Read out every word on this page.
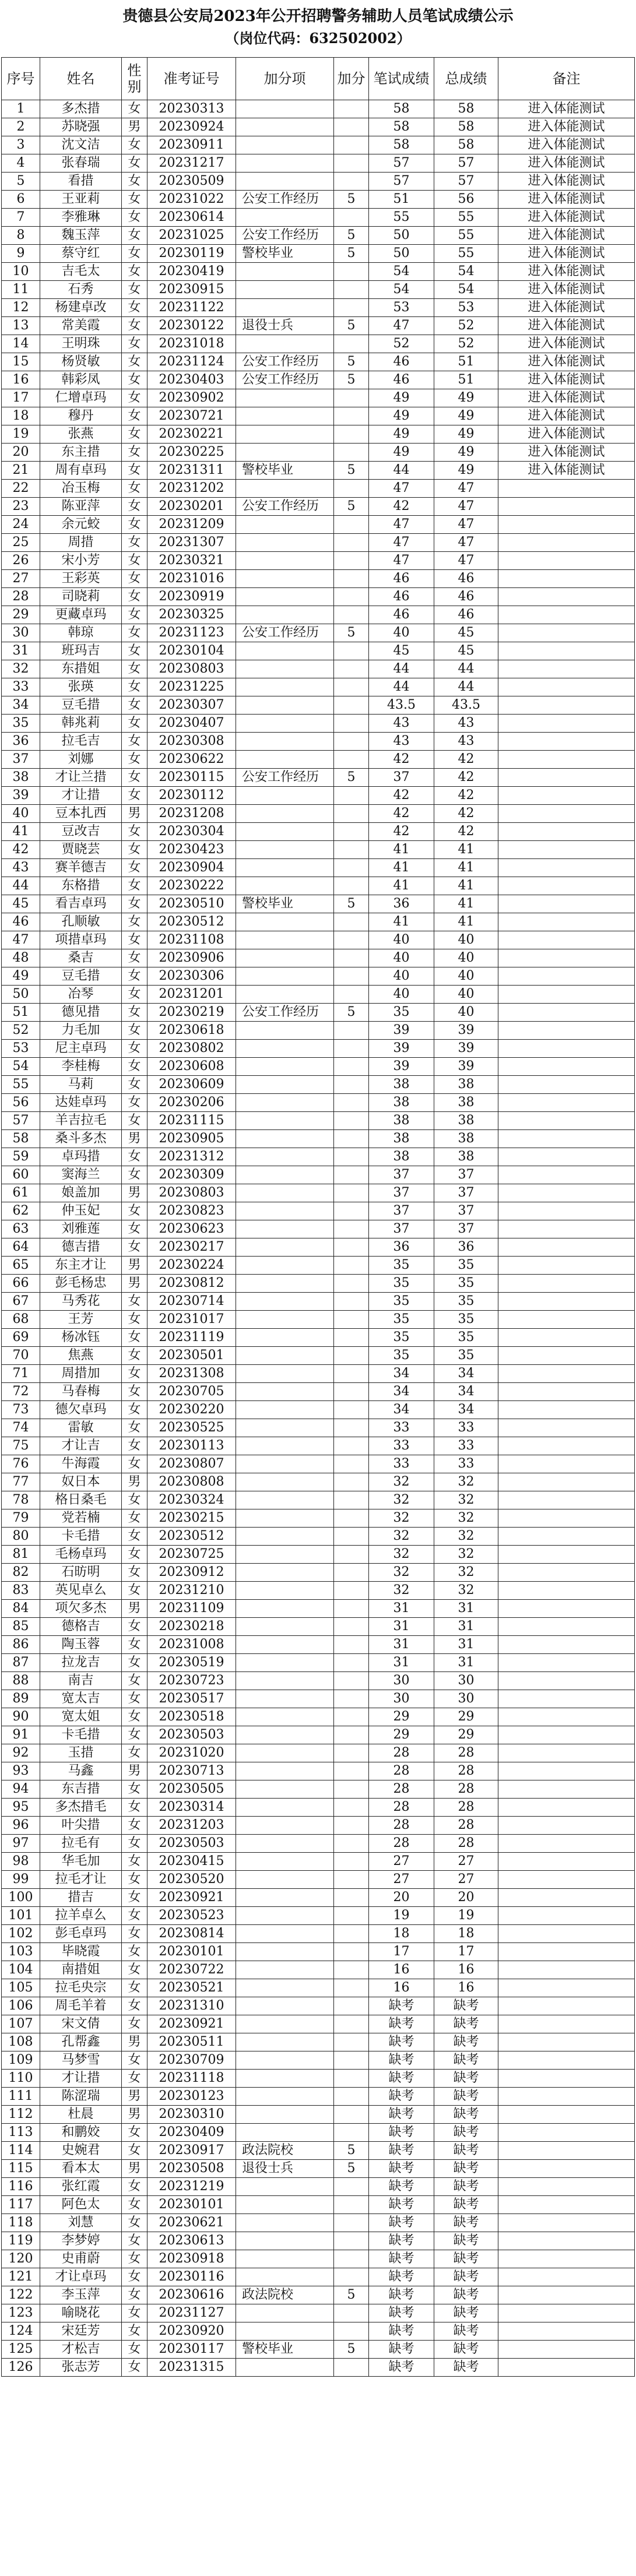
贵德县公安局2023年公开招聘警务辅助人员笔试成绩公示
（岗位代码：632502002）
序号	姓名	性别	准考证号	加分项	加分	笔试成绩	总成绩	备注
1	多杰措	女	20230313			58	58	进入体能测试
2	苏晓强	男	20230924			58	58	进入体能测试
3	沈文洁	女	20230911			58	58	进入体能测试
4	张春瑞	女	20231217			57	57	进入体能测试
5	看措	女	20230509			57	57	进入体能测试
6	王亚莉	女	20231022	公安工作经历	5	51	56	进入体能测试
7	李雅琳	女	20230614			55	55	进入体能测试
8	魏玉萍	女	20231025	公安工作经历	5	50	55	进入体能测试
9	蔡守红	女	20230119	警校毕业	5	50	55	进入体能测试
10	吉毛太	女	20230419			54	54	进入体能测试
11	石秀	女	20230915			54	54	进入体能测试
12	杨建卓改	女	20231122			53	53	进入体能测试
13	常美霞	女	20230122	退役士兵	5	47	52	进入体能测试
14	王明珠	女	20231018			52	52	进入体能测试
15	杨贤敏	女	20231124	公安工作经历	5	46	51	进入体能测试
16	韩彩凤	女	20230403	公安工作经历	5	46	51	进入体能测试
17	仁增卓玛	女	20230902			49	49	进入体能测试
18	穆丹	女	20230721			49	49	进入体能测试
19	张燕	女	20230221			49	49	进入体能测试
20	东主措	女	20230225			49	49	进入体能测试
21	周有卓玛	女	20231311	警校毕业	5	44	49	进入体能测试
22	冶玉梅	女	20231202			47	47	
23	陈亚萍	女	20230201	公安工作经历	5	42	47	
24	余元蛟	女	20231209			47	47	
25	周措	女	20231307			47	47	
26	宋小芳	女	20230321			47	47	
27	王彩英	女	20231016			46	46	
28	司晓莉	女	20230919			46	46	
29	更藏卓玛	女	20230325			46	46	
30	韩琼	女	20231123	公安工作经历	5	40	45	
31	班玛吉	女	20230104			45	45	
32	东措姐	女	20230803			44	44	
33	张瑛	女	20231225			44	44	
34	豆毛措	女	20230307			43.5	43.5	
35	韩兆莉	女	20230407			43	43	
36	拉毛吉	女	20230308			43	43	
37	刘娜	女	20230622			42	42	
38	才让兰措	女	20230115	公安工作经历	5	37	42	
39	才让措	女	20230112			42	42	
40	豆本扎西	男	20231208			42	42	
41	豆改吉	女	20230304			42	42	
42	贾晓芸	女	20230423			41	41	
43	赛羊德吉	女	20230904			41	41	
44	东格措	女	20230222			41	41	
45	看吉卓玛	女	20230510	警校毕业	5	36	41	
46	孔顺敏	女	20230512			41	41	
47	项措卓玛	女	20231108			40	40	
48	桑吉	女	20230906			40	40	
49	豆毛措	女	20230306			40	40	
50	冶琴	女	20231201			40	40	
51	德见措	女	20230219	公安工作经历	5	35	40	
52	力毛加	女	20230618			39	39	
53	尼主卓玛	女	20230802			39	39	
54	李桂梅	女	20230608			39	39	
55	马莉	女	20230609			38	38	
56	达娃卓玛	女	20230206			38	38	
57	羊吉拉毛	女	20231115			38	38	
58	桑斗多杰	男	20230905			38	38	
59	卓玛措	女	20231312			38	38	
60	窦海兰	女	20230309			37	37	
61	娘盖加	男	20230803			37	37	
62	仲玉妃	女	20230823			37	37	
63	刘雅莲	女	20230623			37	37	
64	德吉措	女	20230217			36	36	
65	东主才让	男	20230224			35	35	
66	彭毛杨忠	男	20230812			35	35	
67	马秀花	女	20230714			35	35	
68	王芳	女	20231017			35	35	
69	杨冰钰	女	20231119			35	35	
70	焦燕	女	20230501			35	35	
71	周措加	女	20231308			34	34	
72	马春梅	女	20230705			34	34	
73	德欠卓玛	女	20230220			34	34	
74	雷敏	女	20230525			33	33	
75	才让吉	女	20230113			33	33	
76	牛海霞	女	20230807			33	33	
77	奴日本	男	20230808			32	32	
78	格日桑毛	女	20230324			32	32	
79	党若楠	女	20230215			32	32	
80	卡毛措	女	20230512			32	32	
81	毛杨卓玛	女	20230725			32	32	
82	石昉明	女	20230912			32	32	
83	英见卓么	女	20231210			32	32	
84	项欠多杰	男	20231109			31	31	
85	德格吉	女	20230218			31	31	
86	陶玉蓉	女	20231008			31	31	
87	拉龙吉	女	20230519			31	31	
88	南吉	女	20230723			30	30	
89	宽太吉	女	20230517			30	30	
90	宽太姐	女	20230518			29	29	
91	卡毛措	女	20230503			29	29	
92	玉措	女	20231020			28	28	
93	马鑫	男	20230713			28	28	
94	东吉措	女	20230505			28	28	
95	多杰措毛	女	20230314			28	28	
96	叶尖措	女	20231203			28	28	
97	拉毛有	女	20230503			28	28	
98	华毛加	女	20230415			27	27	
99	拉毛才让	女	20230520			27	27	
100	措吉	女	20230921			20	20	
101	拉羊卓么	女	20230523			19	19	
102	彭毛卓玛	女	20230814			18	18	
103	毕晓霞	女	20230101			17	17	
104	南措姐	女	20230722			16	16	
105	拉毛央宗	女	20230521			16	16	
106	周毛羊着	女	20231310			缺考	缺考	
107	宋文倩	女	20230921			缺考	缺考	
108	孔帮鑫	男	20230511			缺考	缺考	
109	马梦雪	女	20230709			缺考	缺考	
110	才让措	女	20231118			缺考	缺考	
111	陈涩瑞	男	20230123			缺考	缺考	
112	杜晨	男	20230310			缺考	缺考	
113	和鹏姣	女	20230409			缺考	缺考	
114	史婉君	女	20230917	政法院校	5	缺考	缺考	
115	看本太	男	20230508	退役士兵	5	缺考	缺考	
116	张红霞	女	20231219			缺考	缺考	
117	阿色太	女	20230101			缺考	缺考	
118	刘慧	女	20230621			缺考	缺考	
119	李梦婷	女	20230613			缺考	缺考	
120	史甫蔚	女	20230918			缺考	缺考	
121	才让卓玛	女	20230116			缺考	缺考	
122	李玉萍	女	20230616	政法院校	5	缺考	缺考	
123	喻晓花	女	20231127			缺考	缺考	
124	宋廷芳	女	20230920			缺考	缺考	
125	才松吉	女	20230117	警校毕业	5	缺考	缺考	
126	张志芳	女	20231315			缺考	缺考	
